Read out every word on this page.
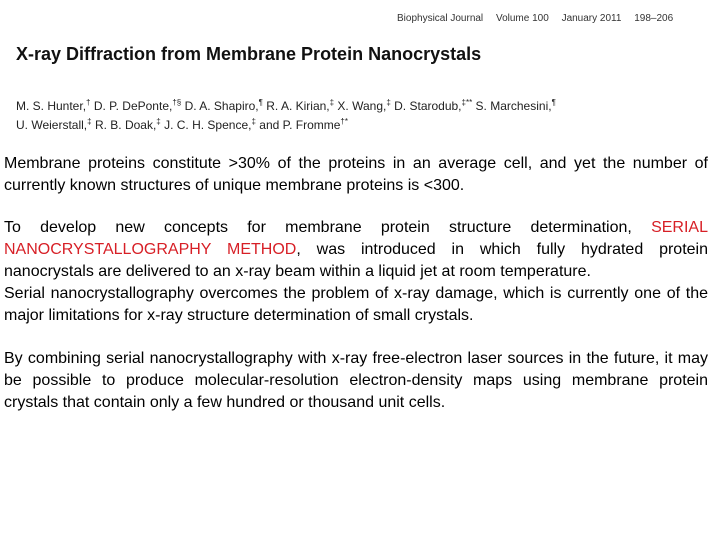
Biophysical Journal Volume 100 January 2011 198–206
X-ray Diffraction from Membrane Protein Nanocrystals
M. S. Hunter,† D. P. DePonte,†§ D. A. Shapiro,¶ R. A. Kirian,‡ X. Wang,‡ D. Starodub,‡** S. Marchesini,¶
U. Weierstall,‡ R. B. Doak,‡ J. C. H. Spence,‡ and P. Fromme†*

Membrane proteins constitute >30% of the proteins in an average cell, and yet the number of currently known structures of unique membrane proteins is <300.

To develop new concepts for membrane protein structure determination, SERIAL NANOCRYSTALLOGRAPHY METHOD, was introduced in which fully hydrated protein nanocrystals are delivered to an x-ray beam within a liquid jet at room temperature.
Serial nanocrystallography overcomes the problem of x-ray damage, which is currently one of the major limitations for x-ray structure determination of small crystals.
By combining serial nanocrystallography with x-ray free-electron laser sources in the future, it may be possible to produce molecular-resolution electron-density maps using membrane protein
crystals that contain only a few hundred or thousand unit cells.
